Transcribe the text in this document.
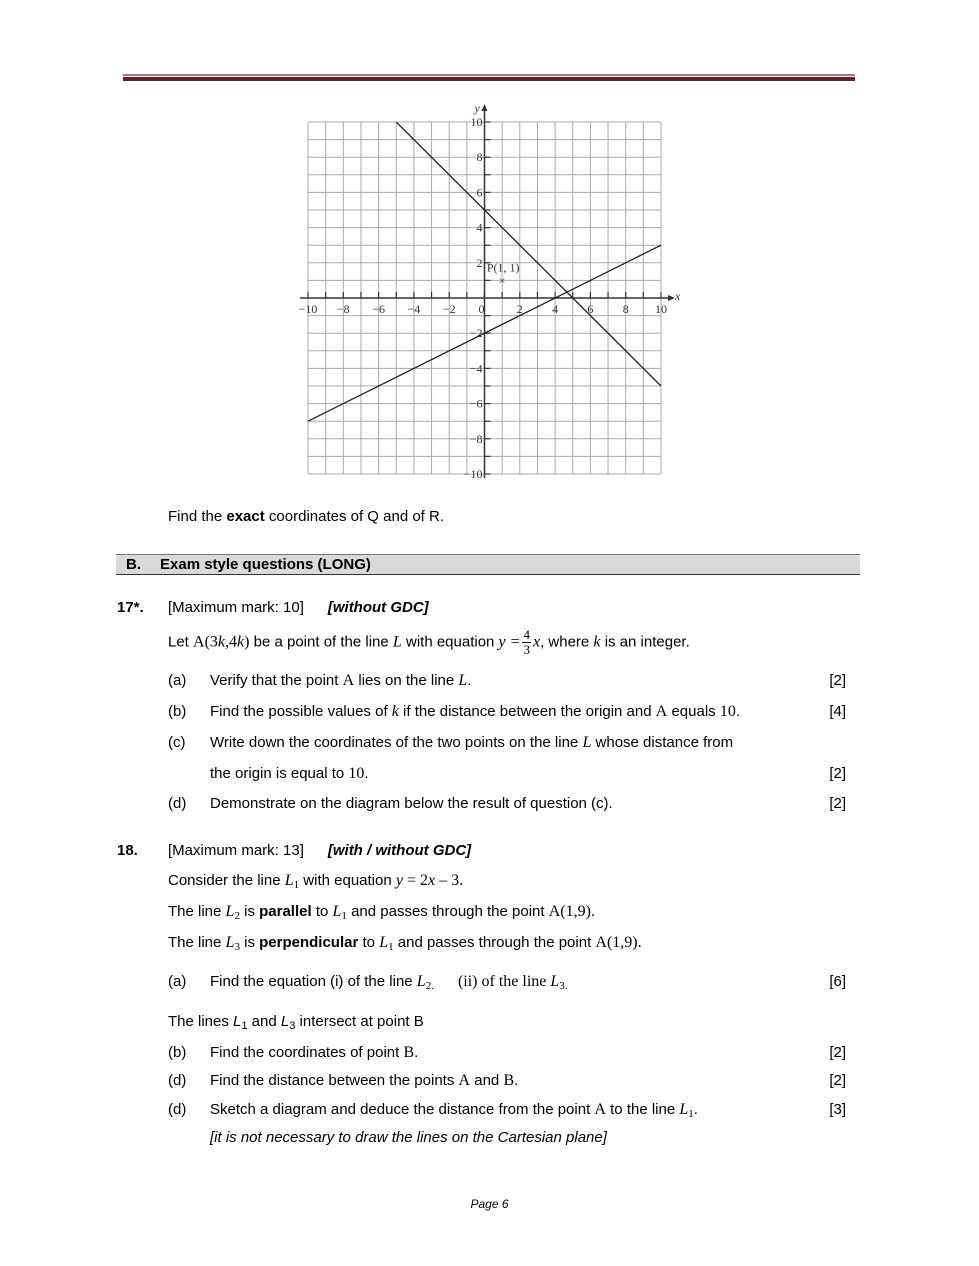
−10 −8 −6 −4 −2 0	2 4 6 8 10
10
8
6
4
2
−2
−4
−6
−8
−10
x
y
×
P(1, 1)
B. Exam style questions (LONG)
Find the exact coordinates of Q and of R.
17*. [Maximum mark: 10] [without GDC]
Let A(3k,4k) be a point of the line L with equation $y = \frac{4}{3} x$, where k is an integer.
(a) Verify that the point A lies on the line L.	[2]
(b) Find the possible values of k if the distance between the origin and A equals 10.	[4]
(c) Write down the coordinates of the two points on the line L whose distance from
the origin is equal to 10.	[2]
(d) Demonstrate on the diagram below the result of question (c).	[2]
18. [Maximum mark: 13] [with / without GDC]
Consider the line $L_1$ with equation y = 2x – 3.
The line $L_2$ is parallel to $L_1$ and passes through the point A(1,9).
The line $L_3$ is perpendicular to $L_1$ and passes through the point A(1,9).
(a) Find the equation (i) of the line $L_{2.}$ (ii) of the line $L_{3.}$	[6]
The lines $L_1$ and $L_3$ intersect at point B
(b) Find the coordinates of point B.	[2]
(d) Find the distance between the points A and B.	[2]
(d) Sketch a diagram and deduce the distance from the point A to the line $L_1$.	[3]
[it is not necessary to draw the lines on the Cartesian plane]
Page 6
